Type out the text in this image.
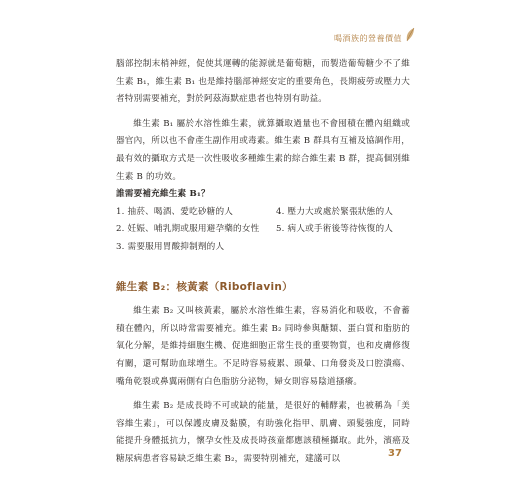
喝酒族的營養價值

腦部控制末梢神經，促使其運轉的能源就是葡萄糖，而製造葡萄糖少不了維生素 B₁，維生素 B₁ 也是維持腦部神經安定的重要角色，長期疲勞或壓力大者特別需要補充，對於阿茲海默症患者也特別有助益。

維生素 B₁ 屬於水溶性維生素，就算攝取過量也不會囤積在體內組織或器官內，所以也不會產生副作用或毒素。維生素 B 群具有互補及協調作用，最有效的攝取方式是一次性吸收多種維生素的綜合維生素 B 群，提高個別維生素 B 的功效。

誰需要補充維生素 B₁？
1. 抽菸、喝酒、愛吃砂糖的人	4. 壓力大或處於緊張狀態的人
2. 妊娠、哺乳期或服用避孕藥的女性	5. 病人或手術後等待恢復的人
3. 需要服用胃酸抑制劑的人
維生素 B₂：核黃素（Riboflavin）

維生素 B₂ 又叫核黃素，屬於水溶性維生素，容易消化和吸收，不會蓄積在體內，所以時常需要補充。維生素 B₂ 同時參與醣類、蛋白質和脂肪的氧化分解，是維持細胞生機、促進細胞正常生長的重要物質，也和皮膚修復有關，還可幫助血球增生。不足時容易疲累、頭暈、口角發炎及口腔潰瘍、嘴角乾裂或鼻翼兩側有白色脂肪分泌物，婦女則容易陰道搔癢。

維生素 B₂ 是成長時不可或缺的能量，是很好的輔酵素，也被稱為「美容維生素」，可以保護皮膚及黏膜，有助強化指甲、肌膚、頭髮強度，同時能提升身體抵抗力，懷孕女性及成長時孩童都應該積極攝取。此外，濱癌及糖尿病患者容易缺乏維生素 B₂，需要特別補充，建議可以	37
